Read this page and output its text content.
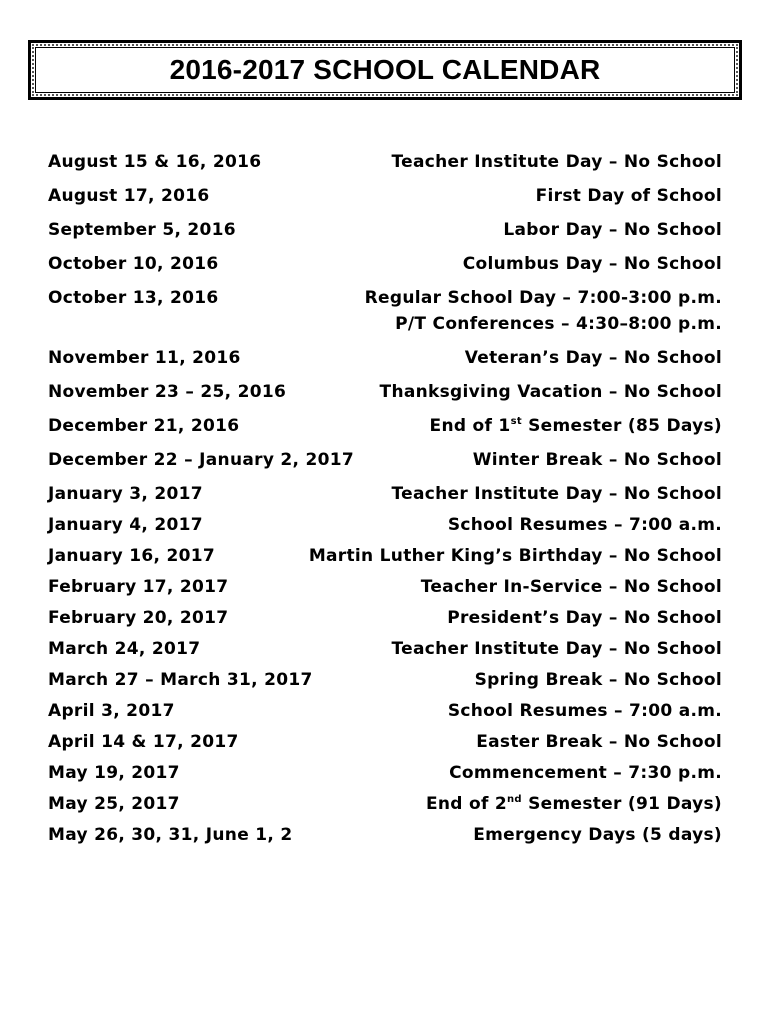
2016-2017 SCHOOL CALENDAR
August 15 & 16, 2016	Teacher Institute Day – No School
August 17, 2016	First Day of School
September 5, 2016	Labor Day – No School
October 10, 2016	Columbus Day – No School
October 13, 2016	Regular School Day – 7:00-3:00 p.m.
P/T Conferences – 4:30–8:00 p.m.
November 11, 2016	Veteran’s Day – No School
November 23 – 25, 2016	Thanksgiving Vacation – No School
December 21, 2016	End of 1st Semester (85 Days)
December 22 – January 2, 2017	Winter Break – No School
January 3, 2017	Teacher Institute Day – No School
January 4, 2017	School Resumes – 7:00 a.m.
January 16, 2017	Martin Luther King’s Birthday – No School
February 17, 2017	Teacher In-Service – No School
February 20, 2017	President’s Day – No School
March 24, 2017	Teacher Institute Day – No School
March 27 – March 31, 2017	Spring Break – No School
April 3, 2017	School Resumes – 7:00 a.m.
April 14 & 17, 2017	Easter Break – No School
May 19, 2017	Commencement – 7:30 p.m.
May 25, 2017	End of 2nd Semester (91 Days)
May 26, 30, 31, June 1, 2	Emergency Days (5 days)
